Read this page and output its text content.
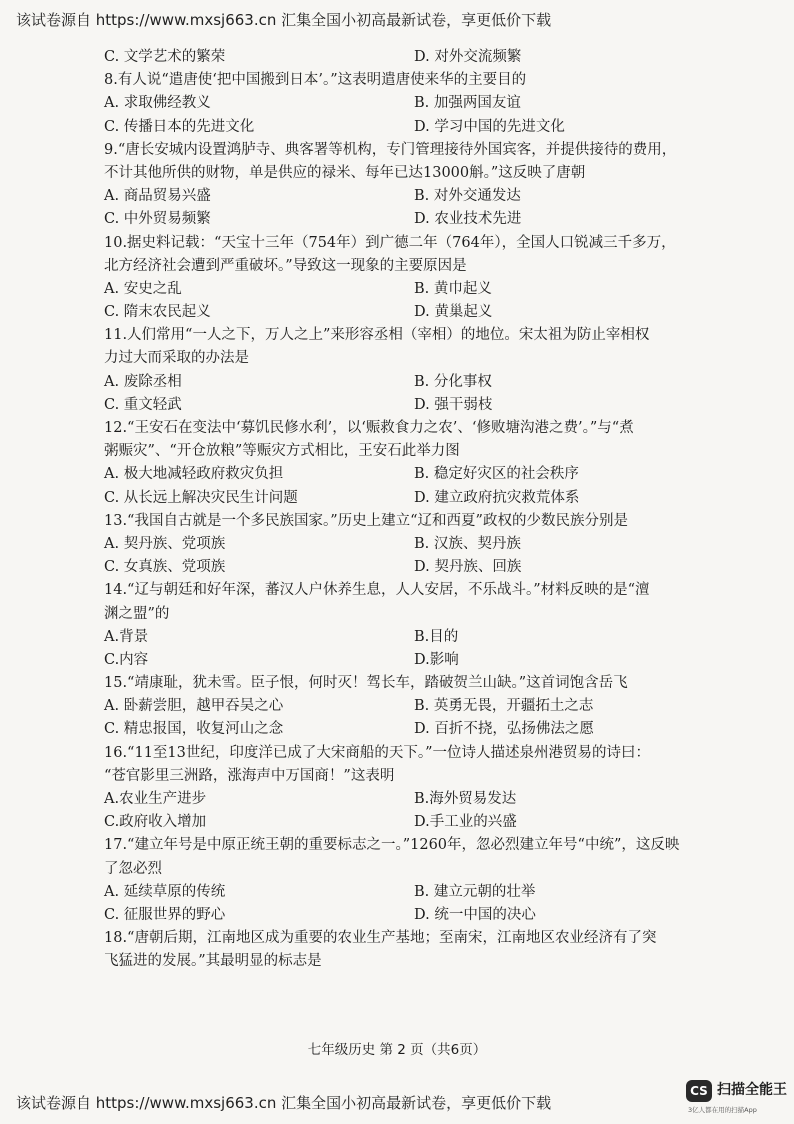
该试卷源自 https://www.mxsj663.cn 汇集全国小初高最新试卷，享更低价下载
C. 文学艺术的繁荣	D. 对外交流频繁
8.有人说“遣唐使‘把中国搬到日本’。”这表明遣唐使来华的主要目的
A. 求取佛经教义	B. 加强两国友谊
C. 传播日本的先进文化	D. 学习中国的先进文化
9.“唐长安城内设置鸿胪寺、典客署等机构，专门管理接待外国宾客，并提供接待的费用，
不计其他所供的财物，单是供应的禄米、每年已达13000斛。”这反映了唐朝
A. 商品贸易兴盛	B. 对外交通发达
C. 中外贸易频繁	D. 农业技术先进
10.据史料记载：“天宝十三年（754年）到广德二年（764年），全国人口锐减三千多万，
北方经济社会遭到严重破坏。”导致这一现象的主要原因是
A. 安史之乱	B. 黄巾起义
C. 隋末农民起义	D. 黄巢起义
11.人们常用“一人之下，万人之上”来形容丞相（宰相）的地位。宋太祖为防止宰相权
力过大而采取的办法是
A. 废除丞相	B. 分化事权
C. 重文轻武	D. 强干弱枝
12.“王安石在变法中‘募饥民修水利’，以‘赈救食力之农’、‘修败塘沟港之费’。”与“煮
粥赈灾”、“开仓放粮”等赈灾方式相比，王安石此举力图
A. 极大地减轻政府救灾负担	B. 稳定好灾区的社会秩序
C. 从长远上解决灾民生计问题	D. 建立政府抗灾救荒体系
13.“我国自古就是一个多民族国家。”历史上建立“辽和西夏”政权的少数民族分别是
A. 契丹族、党项族	B. 汉族、契丹族
C. 女真族、党项族	D. 契丹族、回族
14.“辽与朝廷和好年深，蕃汉人户休养生息，人人安居，不乐战斗。”材料反映的是“澶
渊之盟”的
A.背景	B.目的
C.内容	D.影响
15.“靖康耻，犹未雪。臣子恨，何时灭！驾长车，踏破贺兰山缺。”这首词饱含岳飞
A. 卧薪尝胆，越甲吞吴之心	B. 英勇无畏，开疆拓土之志
C. 精忠报国，收复河山之念	D. 百折不挠，弘扬佛法之愿
16.“11至13世纪，印度洋已成了大宋商船的天下。”一位诗人描述泉州港贸易的诗曰：
“苍官影里三洲路，涨海声中万国商！”这表明
A.农业生产进步	B.海外贸易发达
C.政府收入增加	D.手工业的兴盛
17.“建立年号是中原正统王朝的重要标志之一。”1260年，忽必烈建立年号“中统”，这反映
了忽必烈
A. 延续草原的传统	B. 建立元朝的壮举
C. 征服世界的野心	D. 统一中国的决心
18.“唐朝后期，江南地区成为重要的农业生产基地；至南宋，江南地区农业经济有了突
飞猛进的发展。”其最明显的标志是
七年级历史 第 2 页（共6页）
该试卷源自 https://www.mxsj663.cn 汇集全国小初高最新试卷，享更低价下载
CS 扫描全能王
3亿人都在用的扫描App
